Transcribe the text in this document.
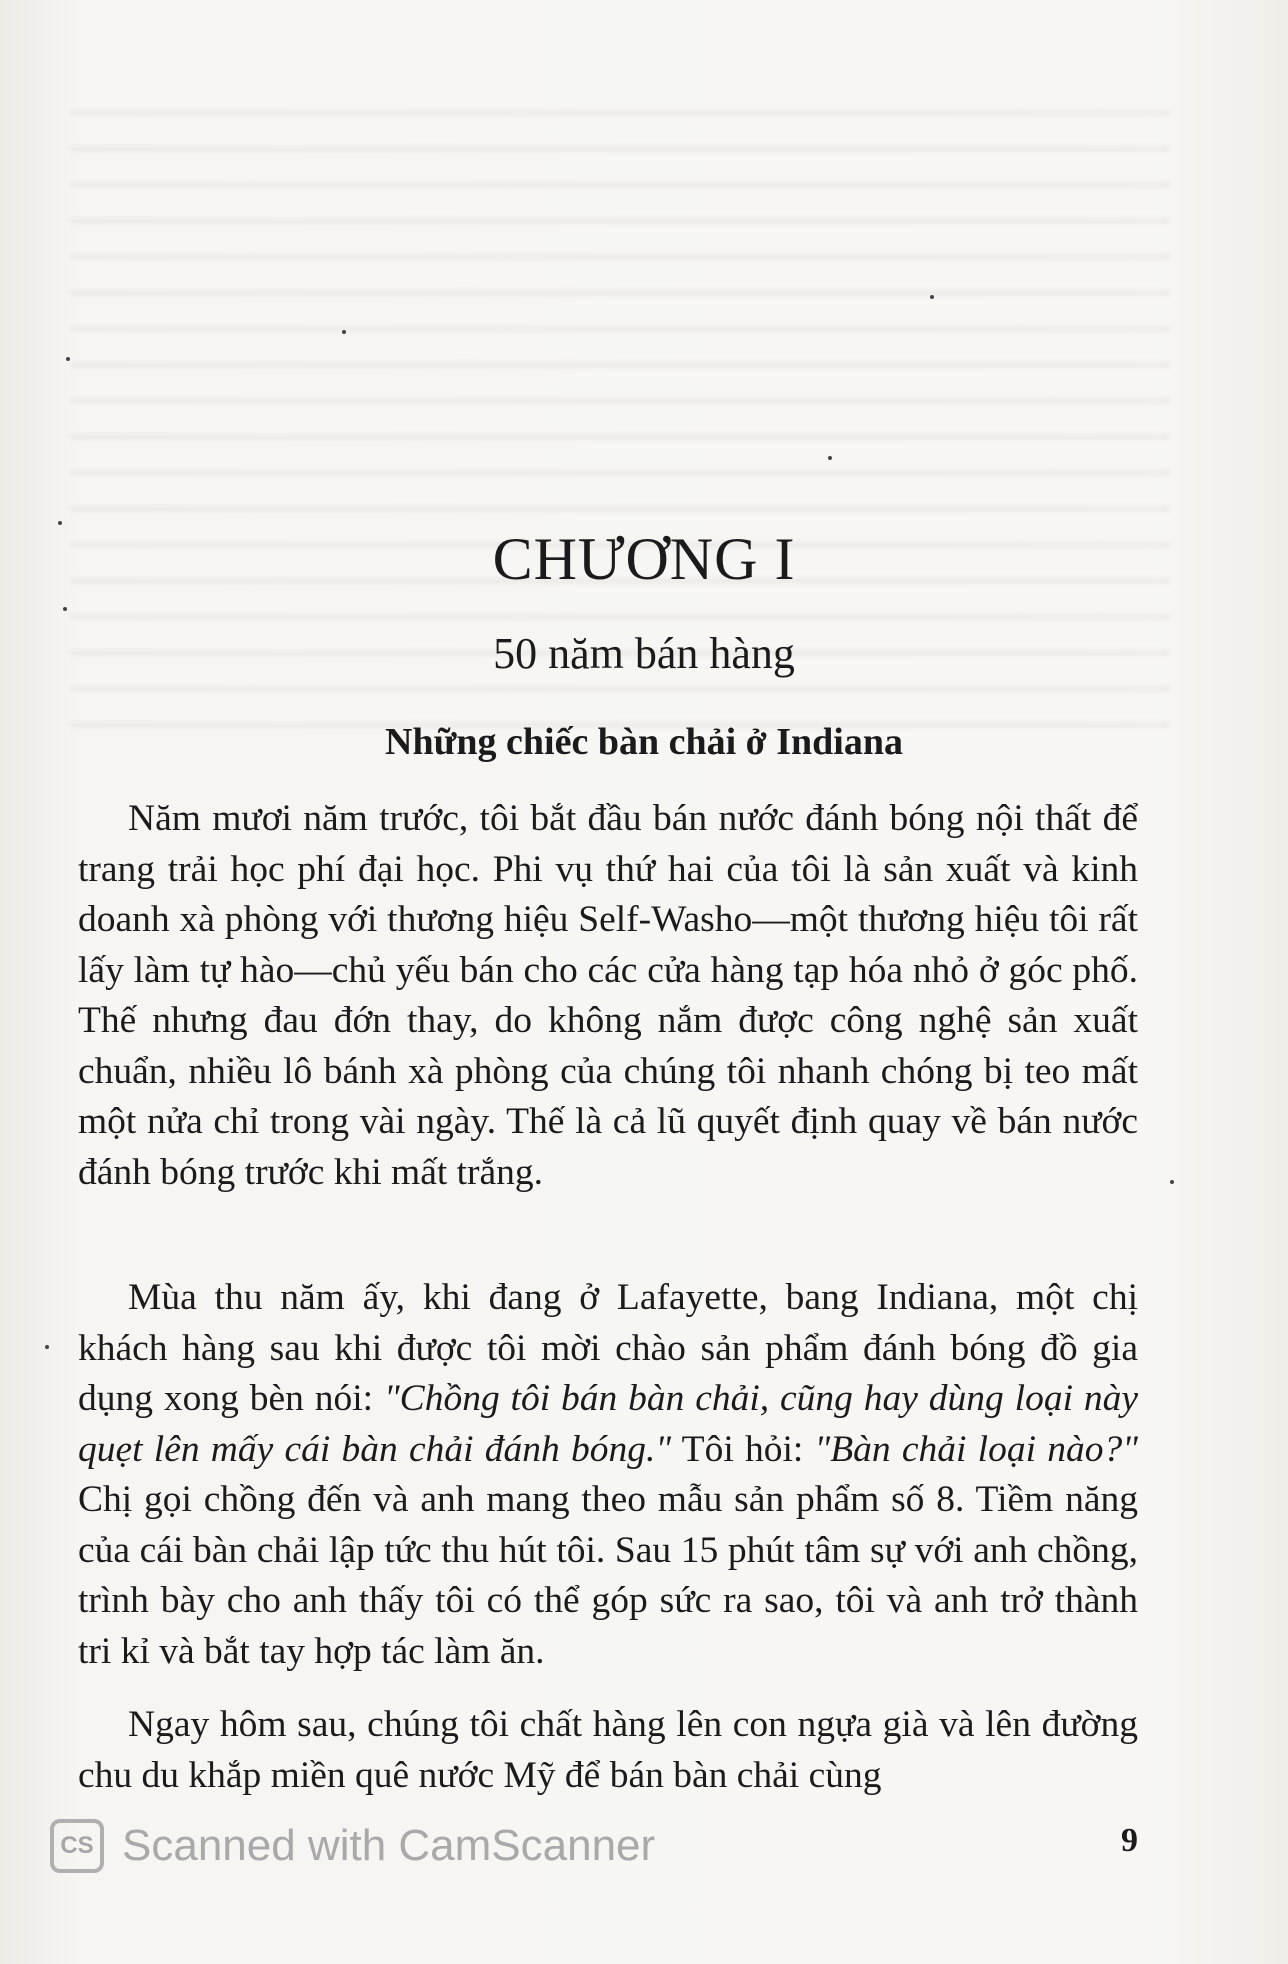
CHƯƠNG I
50 năm bán hàng
Những chiếc bàn chải ở Indiana

Năm mươi năm trước, tôi bắt đầu bán nước đánh bóng nội thất để trang trải học phí đại học. Phi vụ thứ hai của tôi là sản xuất và kinh doanh xà phòng với thương hiệu Self-Washo—một thương hiệu tôi rất lấy làm tự hào—chủ yếu bán cho các cửa hàng tạp hóa nhỏ ở góc phố. Thế nhưng đau đớn thay, do không nắm được công nghệ sản xuất chuẩn, nhiều lô bánh xà phòng của chúng tôi nhanh chóng bị teo mất một nửa chỉ trong vài ngày. Thế là cả lũ quyết định quay về bán nước đánh bóng trước khi mất trắng.

Mùa thu năm ấy, khi đang ở Lafayette, bang Indiana, một chị khách hàng sau khi được tôi mời chào sản phẩm đánh bóng đồ gia dụng xong bèn nói: "Chồng tôi bán bàn chải, cũng hay dùng loại này quẹt lên mấy cái bàn chải đánh bóng." Tôi hỏi: "Bàn chải loại nào?" Chị gọi chồng đến và anh mang theo mẫu sản phẩm số 8. Tiềm năng của cái bàn chải lập tức thu hút tôi. Sau 15 phút tâm sự với anh chồng, trình bày cho anh thấy tôi có thể góp sức ra sao, tôi và anh trở thành tri kỉ và bắt tay hợp tác làm ăn.

Ngay hôm sau, chúng tôi chất hàng lên con ngựa già và lên đường chu du khắp miền quê nước Mỹ để bán bàn chải cùng

9
CS Scanned with CamScanner
